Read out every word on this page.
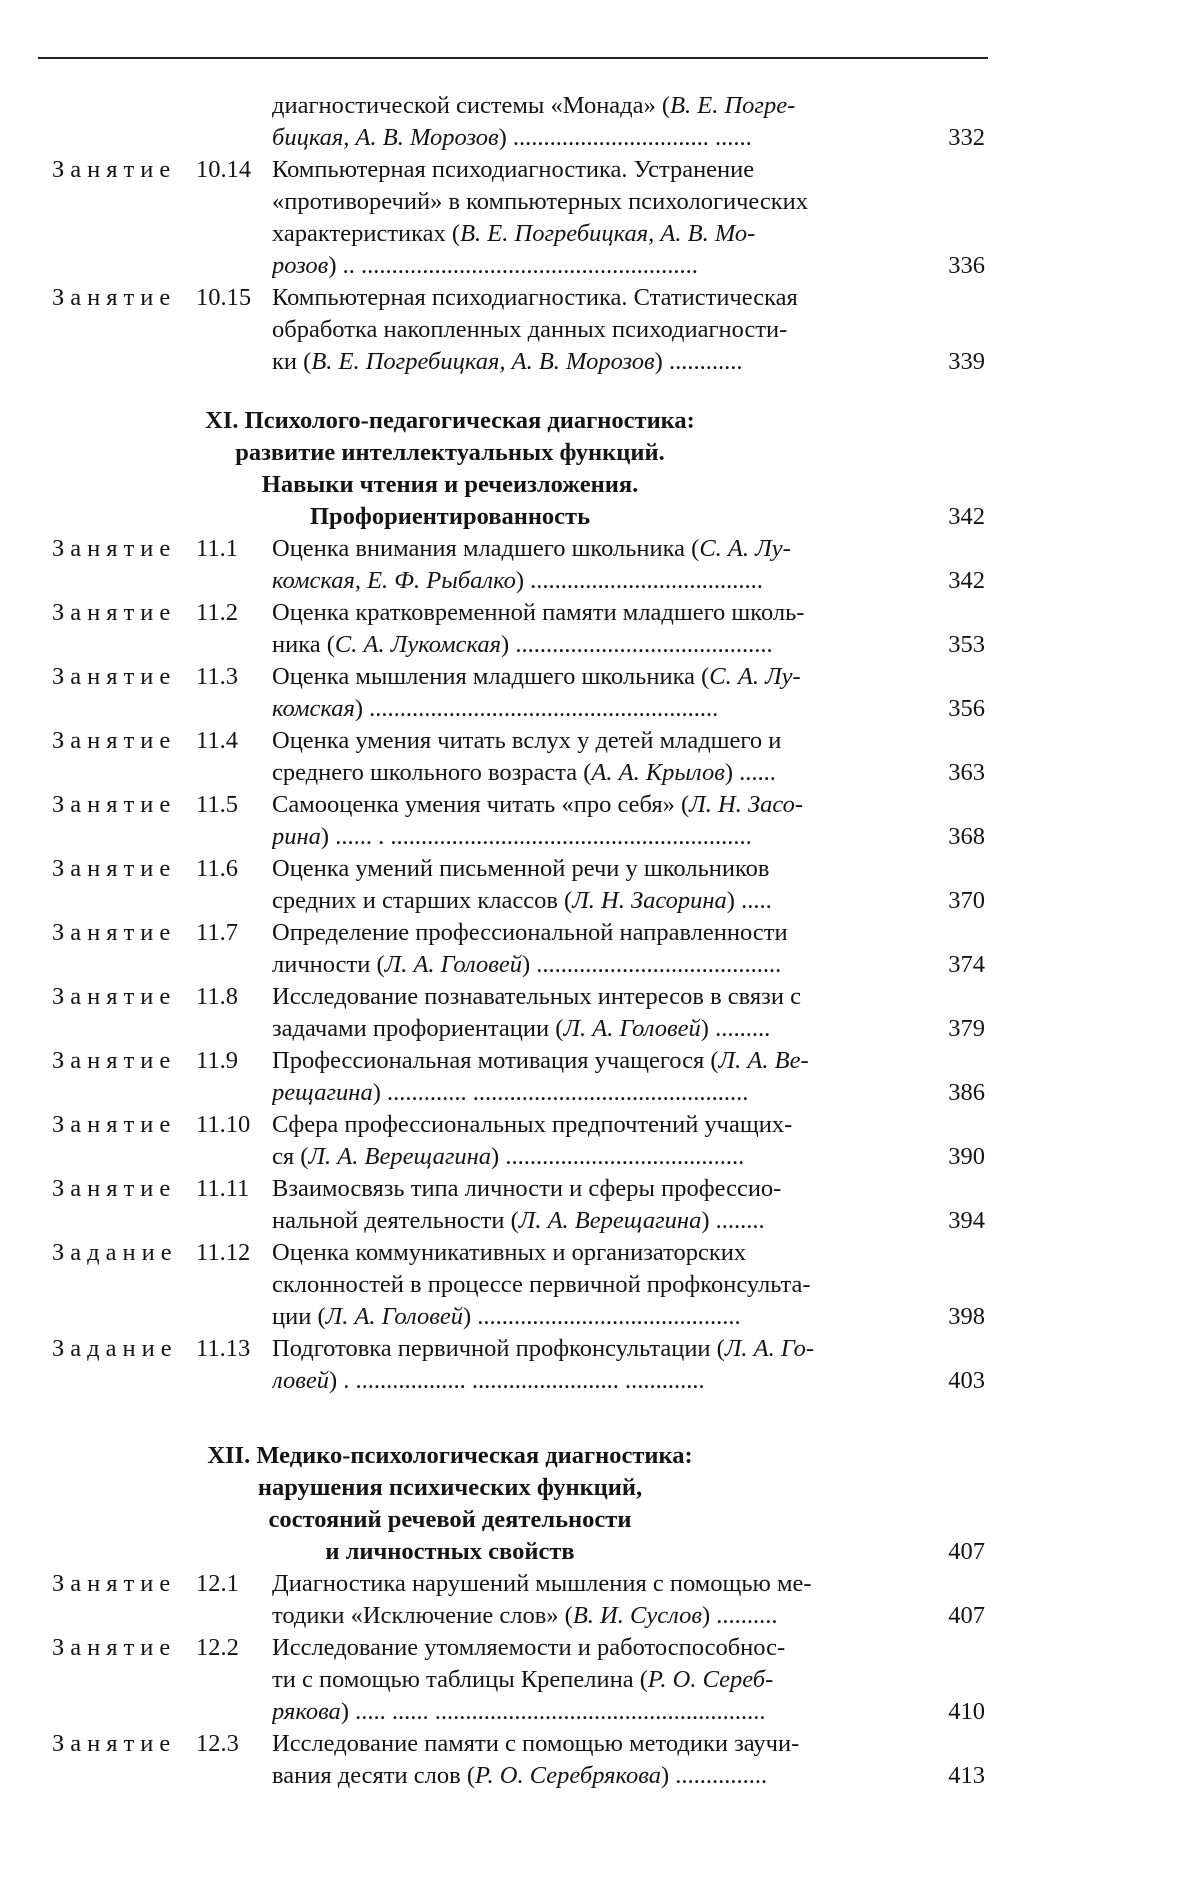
диагностической системы «Монада» (В. Е. Погре-
бицкая, А. В. Морозов) ................................ ......	332
Занятие 10.14 Компьютерная психодиагностика. Устранение
«противоречий» в компьютерных психологических
характеристиках (В. Е. Погребицкая, А. В. Мо-
розов) .. .......................................................	336
Занятие 10.15 Компьютерная психодиагностика. Статистическая
обработка накопленных данных психодиагности-
ки (В. Е. Погребицкая, А. В. Морозов) ............	339
XI. Психолого-педагогическая диагностика:
развитие интеллектуальных функций.
Навыки чтения и речеизложения.
Профориентированность	342
Занятие 11.1 Оценка внимания младшего школьника (С. А. Лу-
комская, Е. Ф. Рыбалко) ......................................	342
Занятие 11.2 Оценка кратковременной памяти младшего школь-
ника (С. А. Лукомская) ..........................................	353
Занятие 11.3 Оценка мышления младшего школьника (С. А. Лу-
комская) .........................................................	356
Занятие 11.4 Оценка умения читать вслух у детей младшего и
среднего школьного возраста (А. А. Крылов) ......	363
Занятие 11.5 Самооценка умения читать «про себя» (Л. Н. Засо-
рина) ...... . ...........................................................	368
Занятие 11.6 Оценка умений письменной речи у школьников
средних и старших классов (Л. Н. Засорина) .....	370
Занятие 11.7 Определение профессиональной направленности
личности (Л. А. Головей) ........................................	374
Занятие 11.8 Исследование познавательных интересов в связи с
задачами профориентации (Л. А. Головей) .........	379
Занятие 11.9 Профессиональная мотивация учащегося (Л. А. Ве-
рещагина) ............. .............................................	386
Занятие 11.10 Сфера профессиональных предпочтений учащих-
ся (Л. А. Верещагина) .......................................	390
Занятие 11.11 Взаимосвязь типа личности и сферы профессио-
нальной деятельности (Л. А. Верещагина) ........	394
Задание 11.12 Оценка коммуникативных и организаторских
склонностей в процессе первичной профконсульта-
ции (Л. А. Головей) ...........................................	398
Задание 11.13 Подготовка первичной профконсультации (Л. А. Го-
ловей) . .................. ........................ .............	403
XII. Медико-психологическая диагностика:
нарушения психических функций,
состояний речевой деятельности
и личностных свойств	407
Занятие 12.1 Диагностика нарушений мышления с помощью ме-
тодики «Исключение слов» (В. И. Суслов) ..........	407
Занятие 12.2 Исследование утомляемости и работоспособнос-
ти с помощью таблицы Крепелина (Р. О. Сереб-
рякова) ..... ...... ......................................................	410
Занятие 12.3 Исследование памяти с помощью методики заучи-
вания десяти слов (Р. О. Серебрякова) ...............	413
